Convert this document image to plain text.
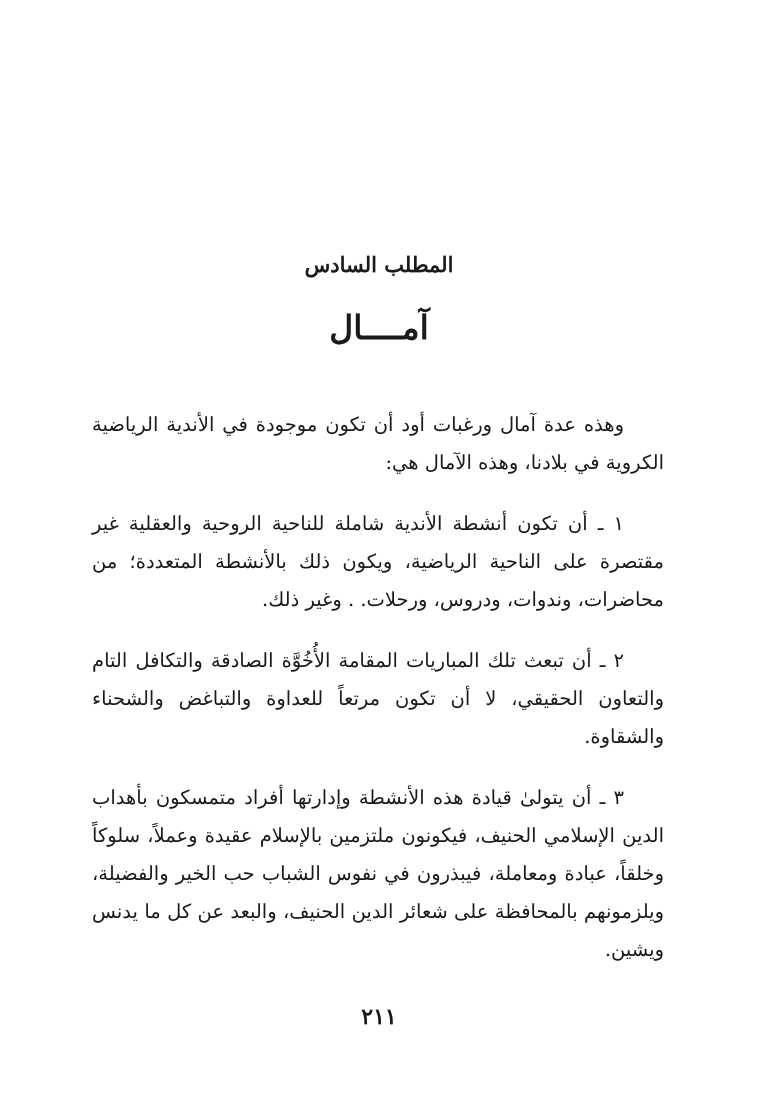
المطلب السادس
آمــــال

وهذه عدة آمال ورغبات أود أن تكون موجودة في الأندية الرياضية الكروية في بلادنا، وهذه الآمال هي:

١ ـ أن تكون أنشطة الأندية شاملة للناحية الروحية والعقلية غير مقتصرة على الناحية الرياضية، ويكون ذلك بالأنشطة المتعددة؛ من محاضرات، وندوات، ودروس، ورحلات. . وغير ذلك.

٢ ـ أن تبعث تلك المباريات المقامة الأُخُوَّة الصادقة والتكافل التام والتعاون الحقيقي، لا أن تكون مرتعاً للعداوة والتباغض والشحناء والشقاوة.

٣ ـ أن يتولىٰ قيادة هذه الأنشطة وإدارتها أفراد متمسكون بأهداب الدين الإسلامي الحنيف، فيكونون ملتزمين بالإسلام عقيدة وعملاً، سلوكاً وخلقاً، عبادة ومعاملة، فيبذرون في نفوس الشباب حب الخير والفضيلة، ويلزمونهم بالمحافظة على شعائر الدين الحنيف، والبعد عن كل ما يدنس ويشين.

٢١١
